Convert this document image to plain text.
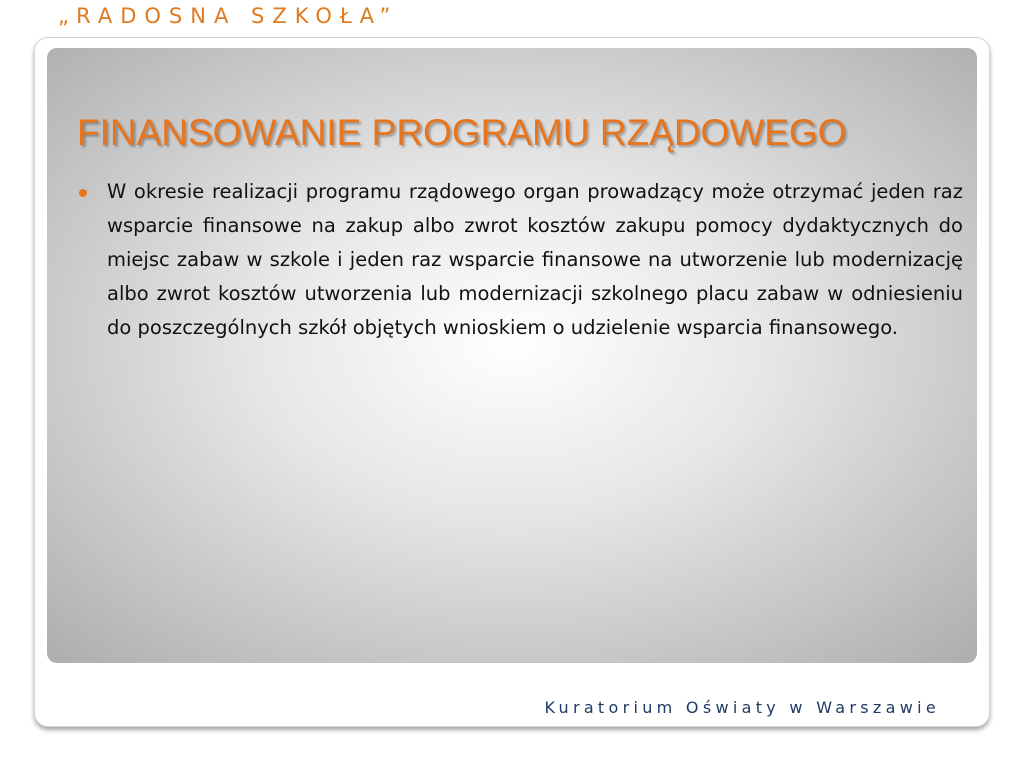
„RADOSNA SZKOŁA”
FINANSOWANIE PROGRAMU RZĄDOWEGO
W okresie realizacji programu rządowego organ prowadzący może otrzymać jeden raz wsparcie finansowe na zakup albo zwrot kosztów zakupu pomocy dydaktycznych do miejsc zabaw w szkole i jeden raz wsparcie finansowe na utworzenie lub modernizację albo zwrot kosztów utworzenia lub modernizacji szkolnego placu zabaw w odniesieniu do poszczególnych szkół objętych wnioskiem o udzielenie wsparcia finansowego.
Kuratorium Oświaty w Warszawie
